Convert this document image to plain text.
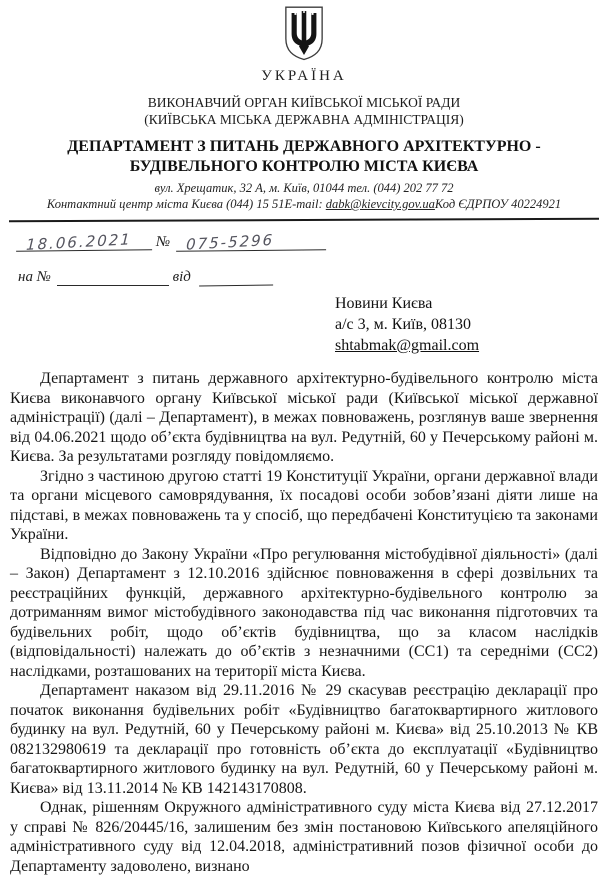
УКРАЇНА
ВИКОНАВЧИЙ ОРГАН КИЇВСЬКОЇ МІСЬКОЇ РАДИ
(КИЇВСЬКА МІСЬКА ДЕРЖАВНА АДМІНІСТРАЦІЯ)
ДЕПАРТАМЕНТ З ПИТАНЬ ДЕРЖАВНОГО АРХІТЕКТУРНО -
БУДІВЕЛЬНОГО КОНТРОЛЮ МІСТА КИЄВА
вул. Хрещатик, 32 А, м. Київ, 01044 тел. (044) 202 77 72
Контактний центр міста Києва (044) 15 51E-mail: dabk@kievcity.gov.uaКод ЄДРПОУ 40224921
18.06.2021 № 075-5296
на №	від
Новини Києва
а/с 3, м. Київ, 08130
shtabmak@gmail.com

Департамент з питань державного архітектурно-будівельного контролю міста Києва виконавчого органу Київської міської ради (Київської міської державної адміністрації) (далі – Департамент), в межах повноважень, розглянув ваше звернення від 04.06.2021 щодо об’єкта будівництва на вул. Редутній, 60 у Печерському районі м. Києва. За результатами розгляду повідомляємо.

Згідно з частиною другою статті 19 Конституції України, органи державної влади та органи місцевого самоврядування, їх посадові особи зобов’язані діяти лише на підставі, в межах повноважень та у спосіб, що передбачені Конституцією та законами України.

Відповідно до Закону України «Про регулювання містобудівної діяльності» (далі – Закон) Департамент з 12.10.2016 здійснює повноваження в сфері дозвільних та реєстраційних функцій, державного архітектурно-будівельного контролю за дотриманням вимог містобудівного законодавства під час виконання підготовчих та будівельних робіт, щодо об’єктів будівництва, що за класом наслідків (відповідальності) належать до об’єктів з незначними (СС1) та середніми (СС2) наслідками, розташованих на території міста Києва.

Департамент наказом від 29.11.2016 № 29 скасував реєстрацію декларації про початок виконання будівельних робіт «Будівництво багатоквартирного житлового будинку на вул. Редутній, 60 у Печерському районі м. Києва» від 25.10.2013 № КВ 082132980619 та декларації про готовність об’єкта до експлуатації «Будівництво багатоквартирного житлового будинку на вул. Редутній, 60 у Печерському районі м. Києва» від 13.11.2014 № КВ 142143170808.

Однак, рішенням Окружного адміністративного суду міста Києва від 27.12.2017 у справі № 826/20445/16, залишеним без змін постановою Київського апеляційного адміністративного суду від 12.04.2018, адміністративний позов фізичної особи до Департаменту задоволено, визнано
